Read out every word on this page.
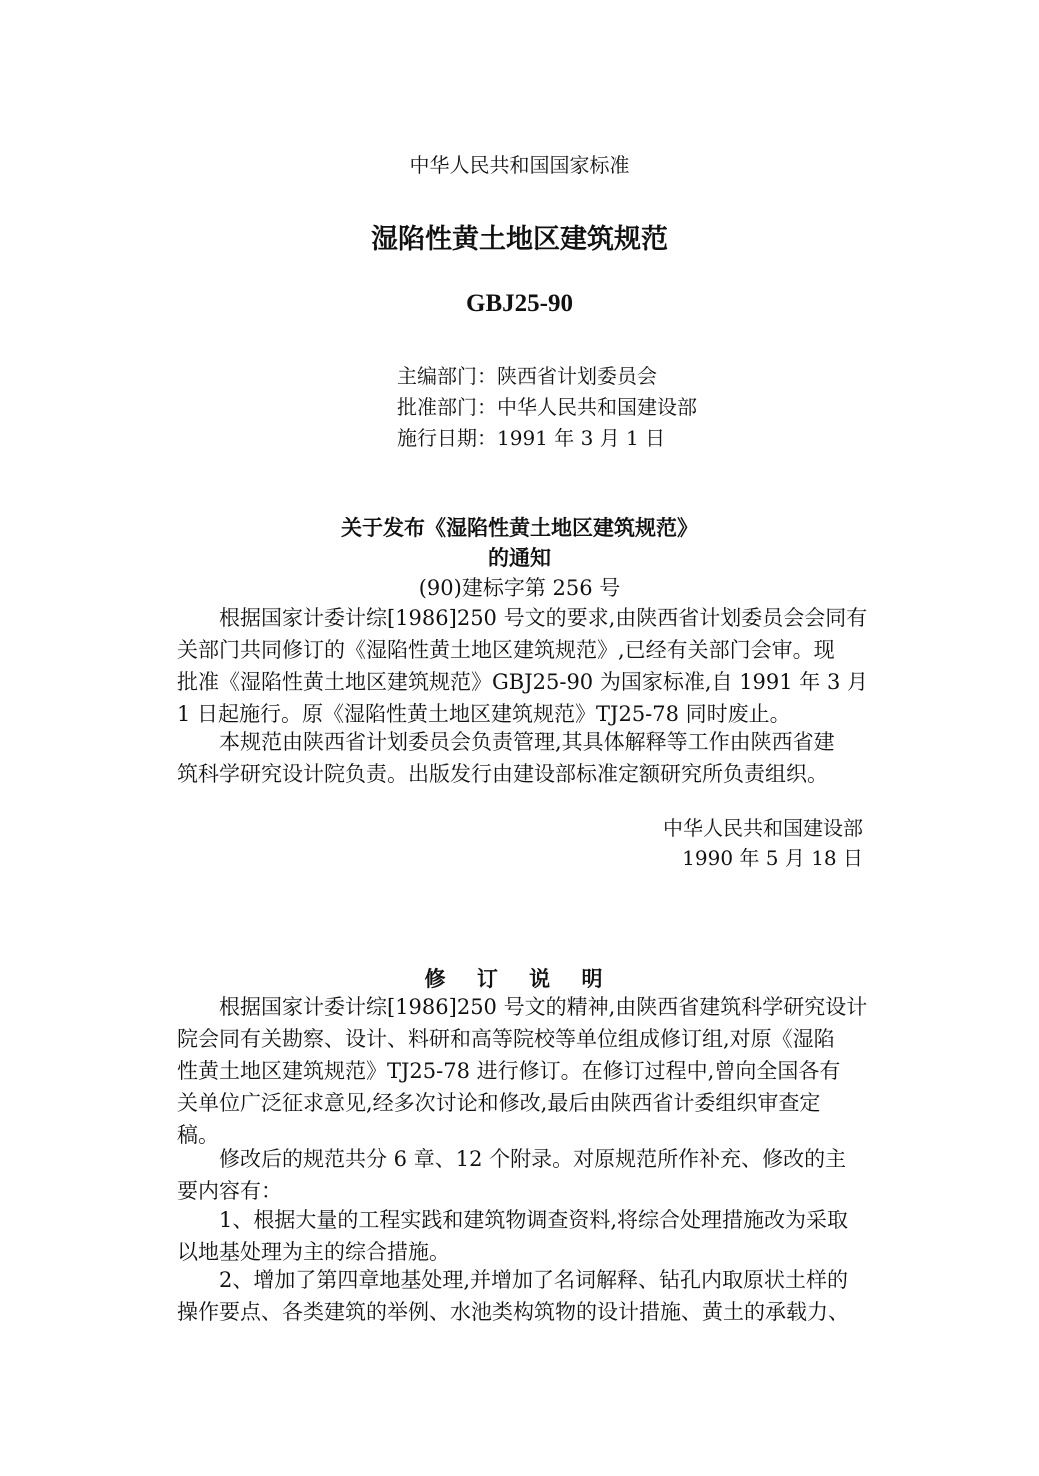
中华人民共和国国家标准
湿陷性黄土地区建筑规范
GBJ25-90
主编部门：陕西省计划委员会
批准部门：中华人民共和国建设部
施行日期：1991 年 3 月 1 日
关于发布《湿陷性黄土地区建筑规范》
的通知
(90)建标字第 256 号
根据国家计委计综[1986]250 号文的要求,由陕西省计划委员会会同有
关部门共同修订的《湿陷性黄土地区建筑规范》,已经有关部门会审。现
批准《湿陷性黄土地区建筑规范》GBJ25-90 为国家标准,自 1991 年 3 月
1 日起施行。原《湿陷性黄土地区建筑规范》TJ25-78 同时废止。
本规范由陕西省计划委员会负责管理,其具体解释等工作由陕西省建
筑科学研究设计院负责。出版发行由建设部标准定额研究所负责组织。
中华人民共和国建设部
1990 年 5 月 18 日
修 订 说 明
根据国家计委计综[1986]250 号文的精神,由陕西省建筑科学研究设计
院会同有关勘察、设计、料研和高等院校等单位组成修订组,对原《湿陷
性黄土地区建筑规范》TJ25-78 进行修订。在修订过程中,曾向全国各有
关单位广泛征求意见,经多次讨论和修改,最后由陕西省计委组织审查定
稿。
修改后的规范共分 6 章、12 个附录。对原规范所作补充、修改的主
要内容有：
1、根据大量的工程实践和建筑物调查资料,将综合处理措施改为采取
以地基处理为主的综合措施。
2、增加了第四章地基处理,并增加了名词解释、钻孔内取原状土样的
操作要点、各类建筑的举例、水池类构筑物的设计措施、黄土的承载力、
